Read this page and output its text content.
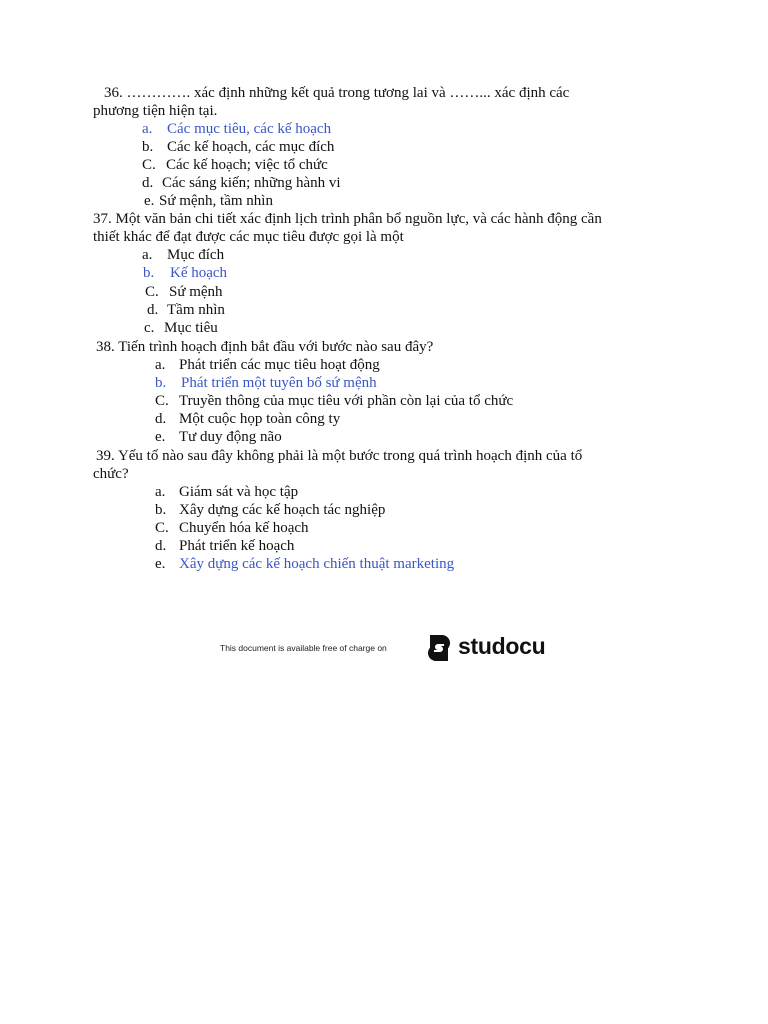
36. …………. xác định những kết quả trong tương lai và ……... xác định các
phương tiện hiện tại.
a. Các mục tiêu, các kế hoạch
b. Các kế hoạch, các mục đích
C. Các kế hoạch; việc tổ chức
d. Các sáng kiến; những hành vi
e. Sứ mệnh, tầm nhìn
37. Một văn bản chi tiết xác định lịch trình phân bổ nguồn lực, và các hành động cần
thiết khác để đạt được các mục tiêu được gọi là một
a. Mục đích
b. Kế hoạch
C. Sứ mệnh
d. Tầm nhìn
c. Mục tiêu
38. Tiến trình hoạch định bắt đầu với bước nào sau đây?
a. Phát triển các mục tiêu hoạt động
b. Phát triển một tuyên bố sứ mệnh
C. Truyền thông của mục tiêu với phần còn lại của tổ chức
d. Một cuộc họp toàn công ty
e. Tư duy động não
39. Yếu tố nào sau đây không phải là một bước trong quá trình hoạch định của tổ
chức?
a. Giám sát và học tập
b. Xây dựng các kế hoạch tác nghiệp
C. Chuyển hóa kế hoạch
d. Phát triển kế hoạch
e. Xây dựng các kế hoạch chiến thuật marketing
This document is available free of charge on	studocu
